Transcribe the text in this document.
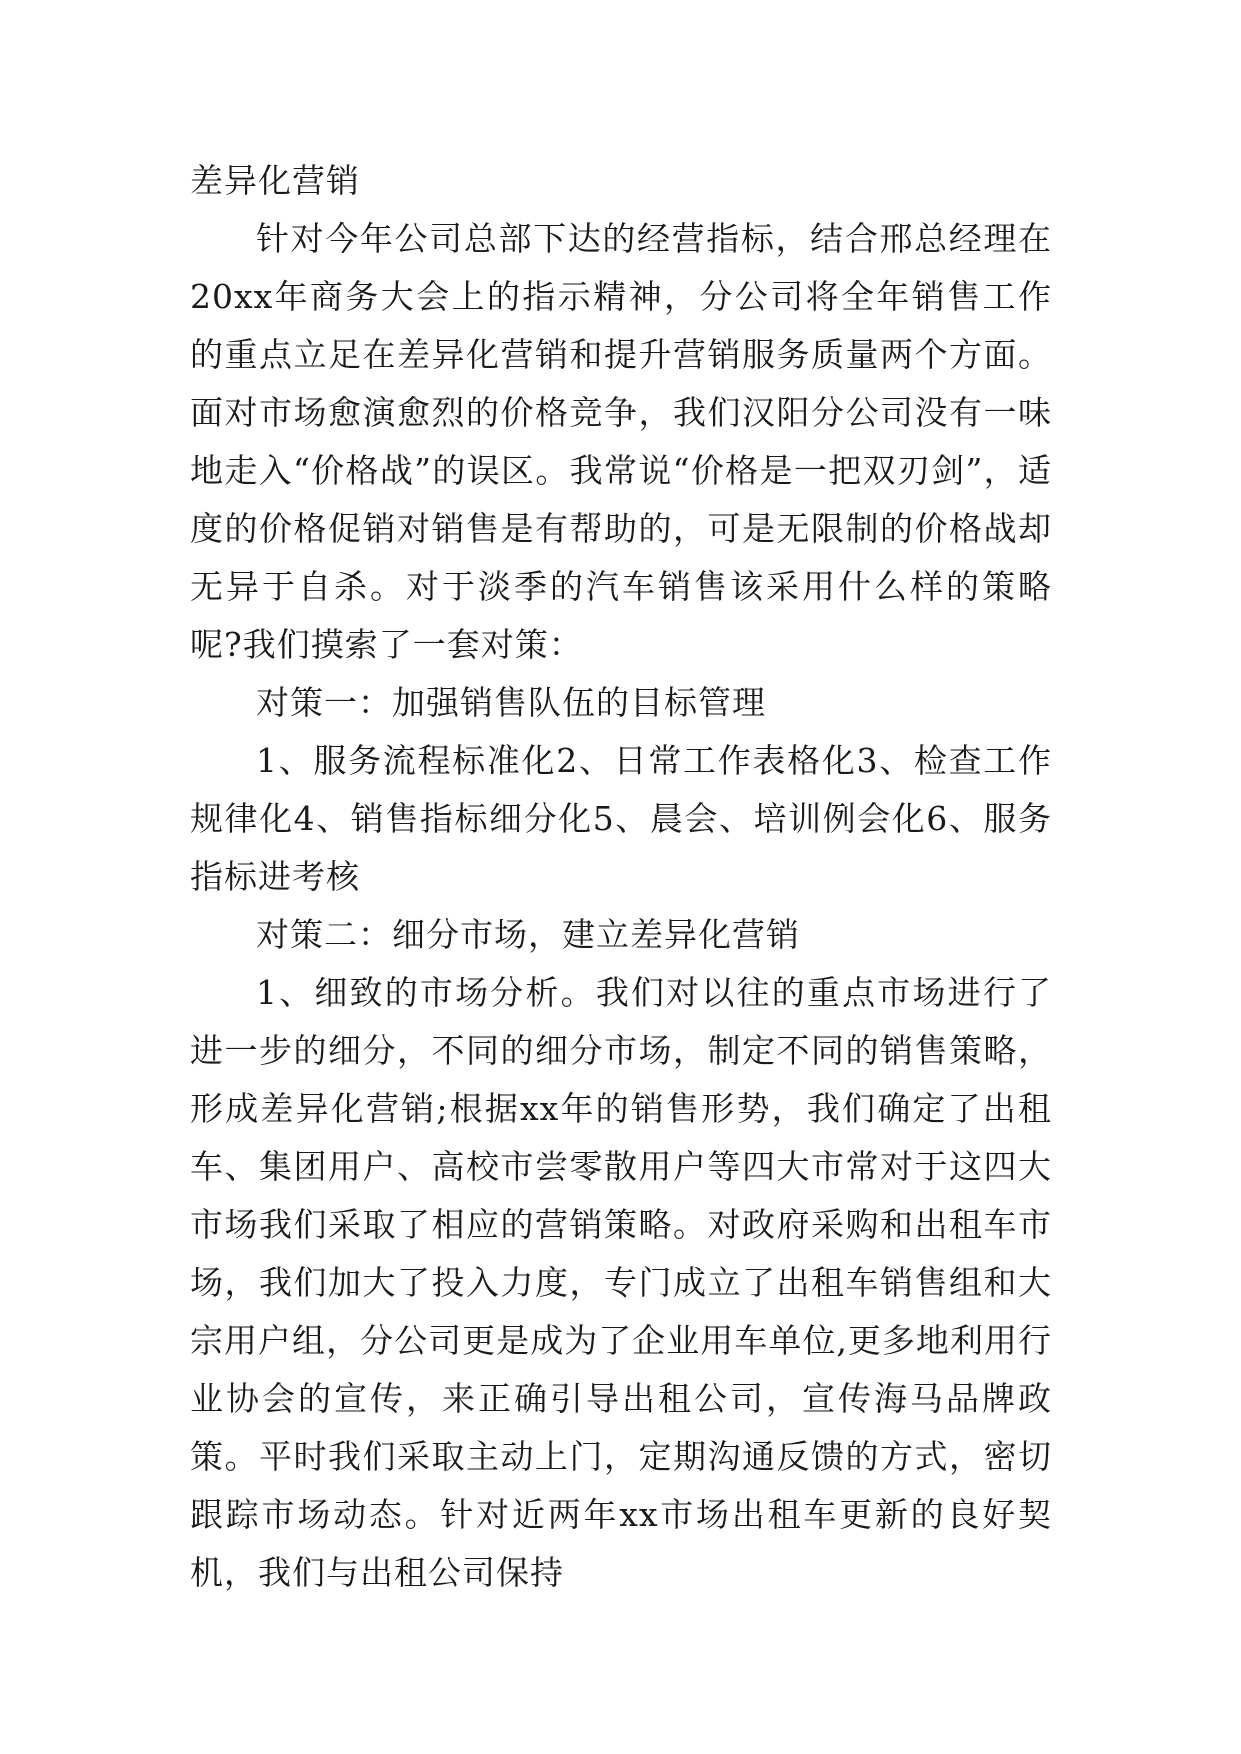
差异化营销

针对今年公司总部下达的经营指标，结合邢总经理在20xx年商务大会上的指示精神，分公司将全年销售工作的重点立足在差异化营销和提升营销服务质量两个方面。面对市场愈演愈烈的价格竞争，我们汉阳分公司没有一味地走入“价格战”的误区。我常说“价格是一把双刃剑”，适度的价格促销对销售是有帮助的，可是无限制的价格战却无异于自杀。对于淡季的汽车销售该采用什么样的策略呢?我们摸索了一套对策：

对策一：加强销售队伍的目标管理

1、服务流程标准化2、日常工作表格化3、检查工作规律化4、销售指标细分化5、晨会、培训例会化6、服务指标进考核

对策二：细分市场，建立差异化营销

1、细致的市场分析。我们对以往的重点市场进行了进一步的细分，不同的细分市场，制定不同的销售策略，形成差异化营销;根据xx年的销售形势，我们确定了出租车、集团用户、高校市尝零散用户等四大市常对于这四大市场我们采取了相应的营销策略。对政府采购和出租车市场，我们加大了投入力度，专门成立了出租车销售组和大宗用户组，分公司更是成为了企业用车单位,更多地利用行业协会的宣传，来正确引导出租公司，宣传海马品牌政策。平时我们采取主动上门，定期沟通反馈的方式，密切跟踪市场动态。针对近两年xx市场出租车更新的良好契机，我们与出租公司保持
